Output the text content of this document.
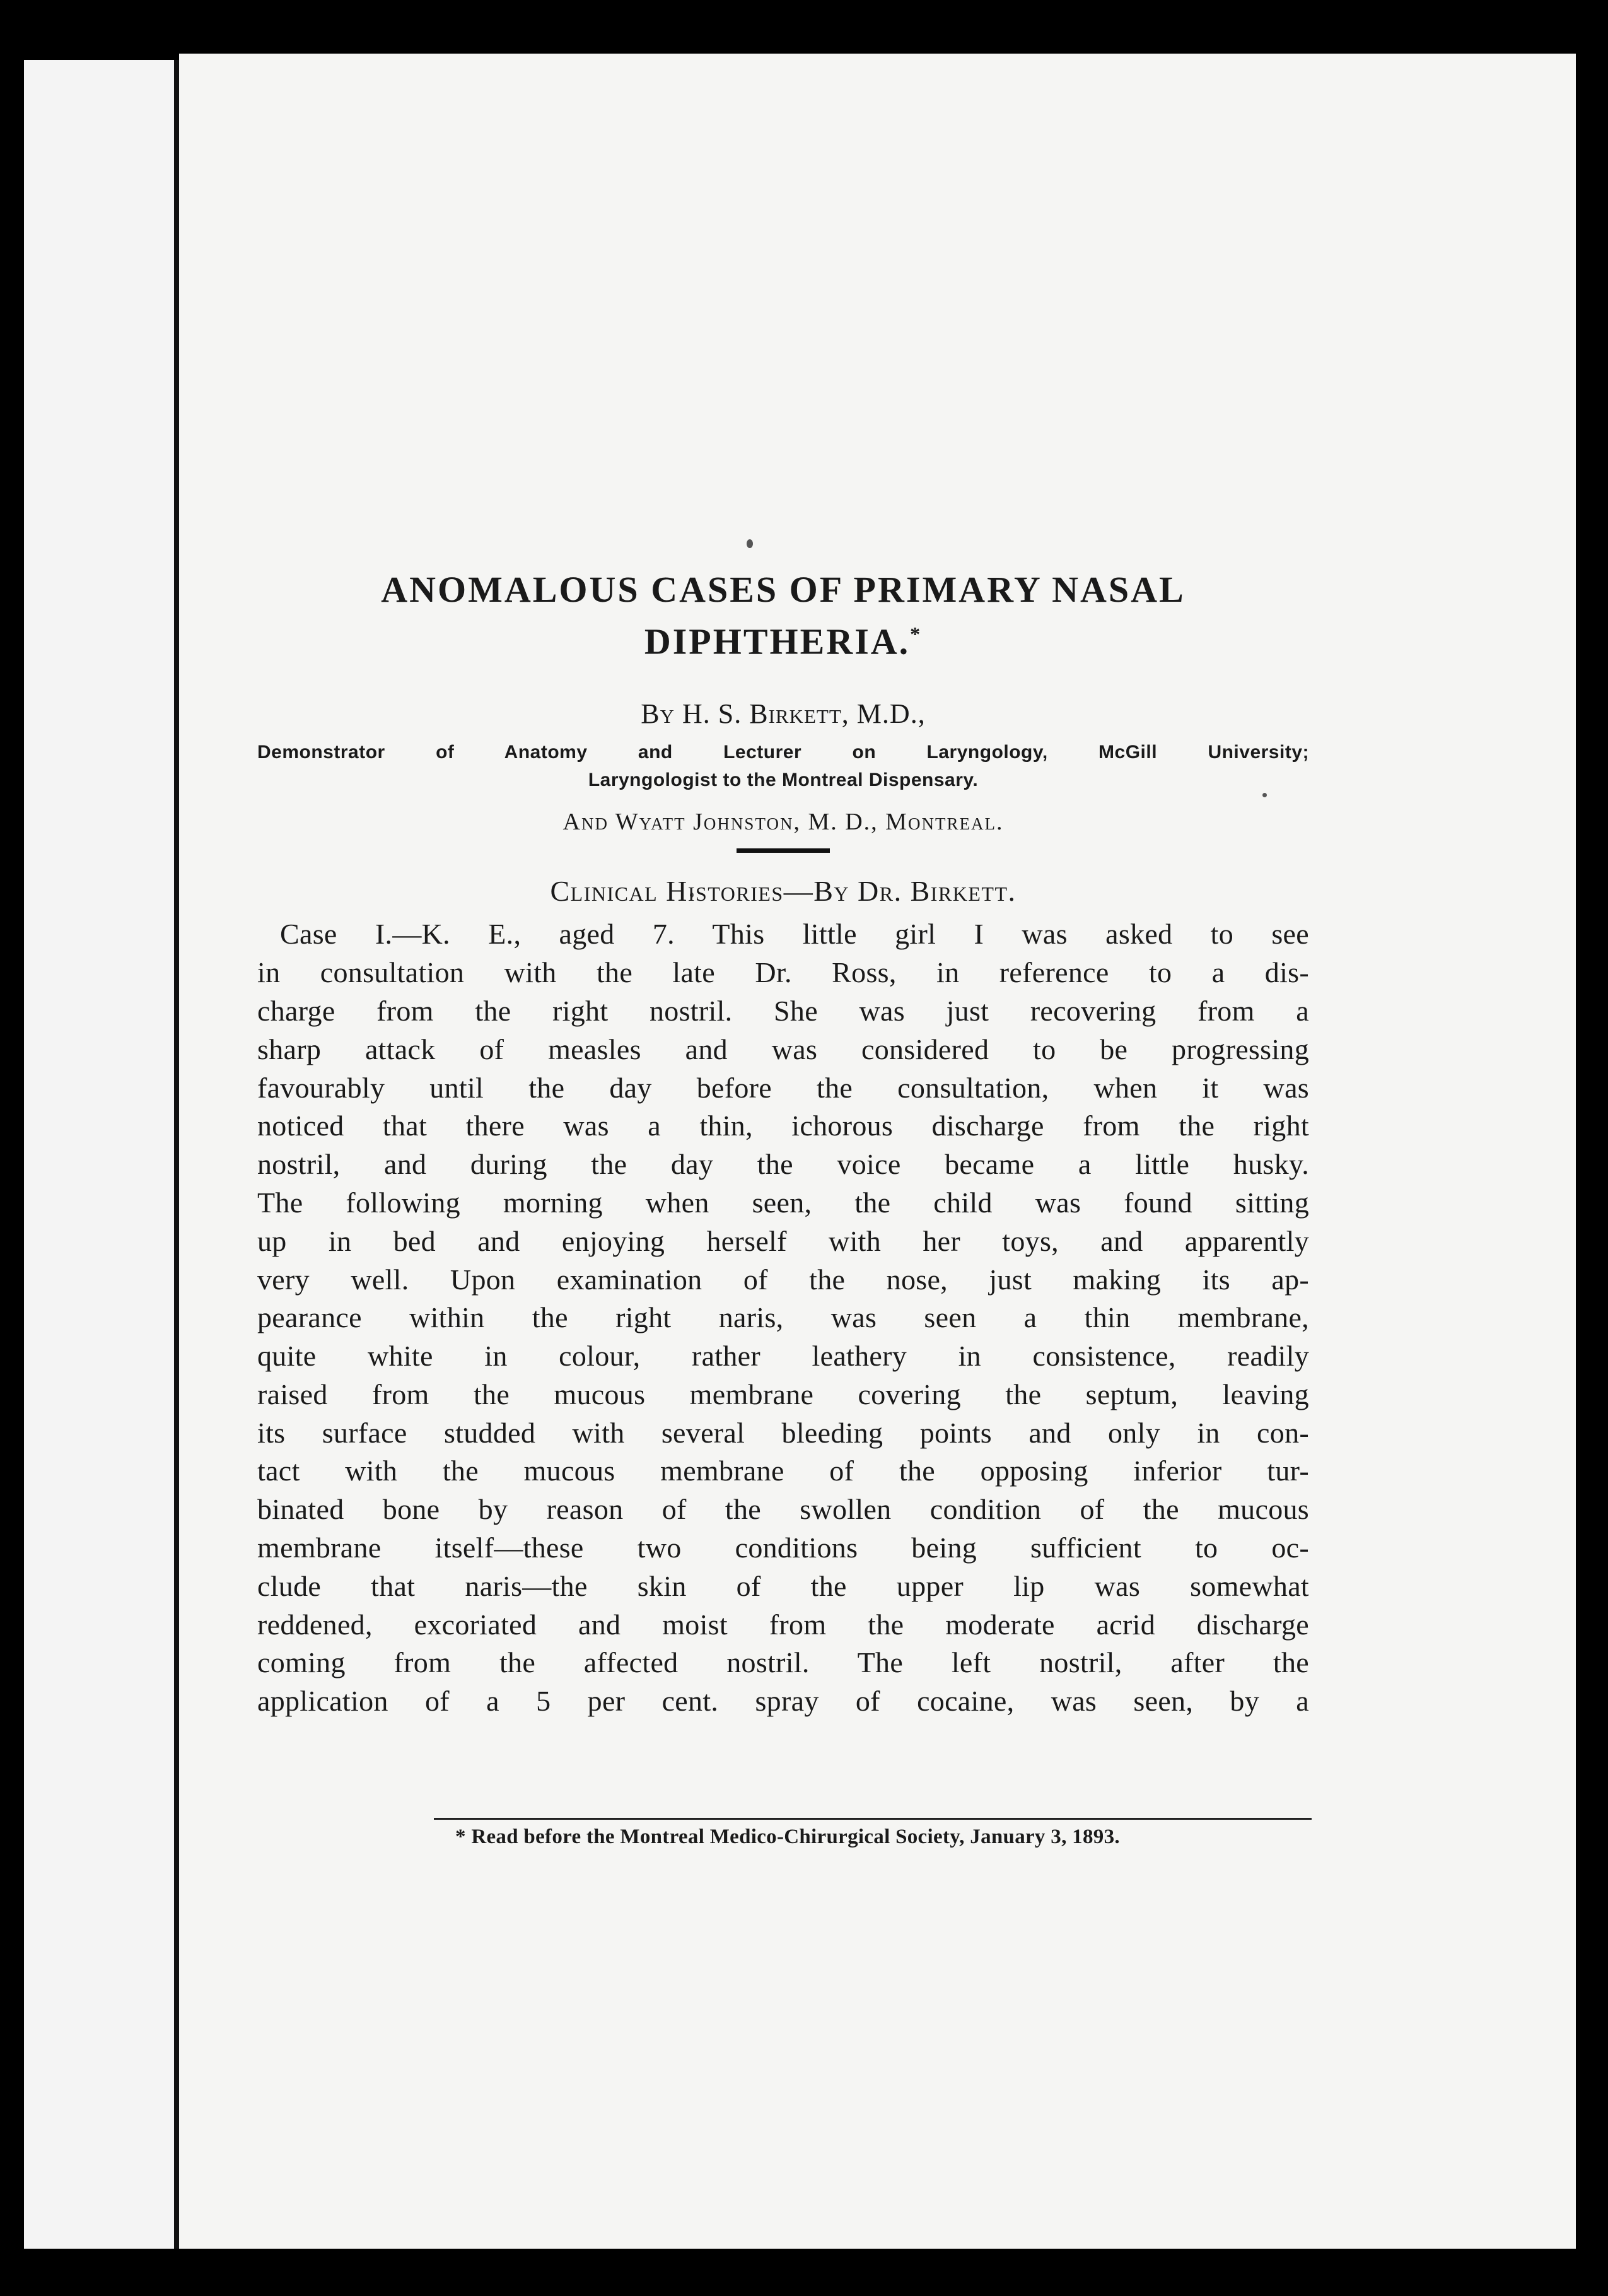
ANOMALOUS CASES OF PRIMARY NASAL
DIPHTHERIA.*
By H. S. Birkett, M.D.,
Demonstrator of Anatomy and Lecturer on Laryngology, McGill University;
Laryngologist to the Montreal Dispensary.
And Wyatt Johnston, M. D., Montreal.
Clinical Histories—By Dr. Birkett.
Case I.—K. E., aged 7. This little girl I was asked to see
in consultation with the late Dr. Ross, in reference to a dis-
charge from the right nostril. She was just recovering from a
sharp attack of measles and was considered to be progressing
favourably until the day before the consultation, when it was
noticed that there was a thin, ichorous discharge from the right
nostril, and during the day the voice became a little husky.
The following morning when seen, the child was found sitting
up in bed and enjoying herself with her toys, and apparently
very well. Upon examination of the nose, just making its ap-
pearance within the right naris, was seen a thin membrane,
quite white in colour, rather leathery in consistence, readily
raised from the mucous membrane covering the septum, leaving
its surface studded with several bleeding points and only in con-
tact with the mucous membrane of the opposing inferior tur-
binated bone by reason of the swollen condition of the mucous
membrane itself—these two conditions being sufficient to oc-
clude that naris—the skin of the upper lip was somewhat
reddened, excoriated and moist from the moderate acrid discharge
coming from the affected nostril. The left nostril, after the
application of a 5 per cent. spray of cocaine, was seen, by a
* Read before the Montreal Medico-Chirurgical Society, January 3, 1893.
